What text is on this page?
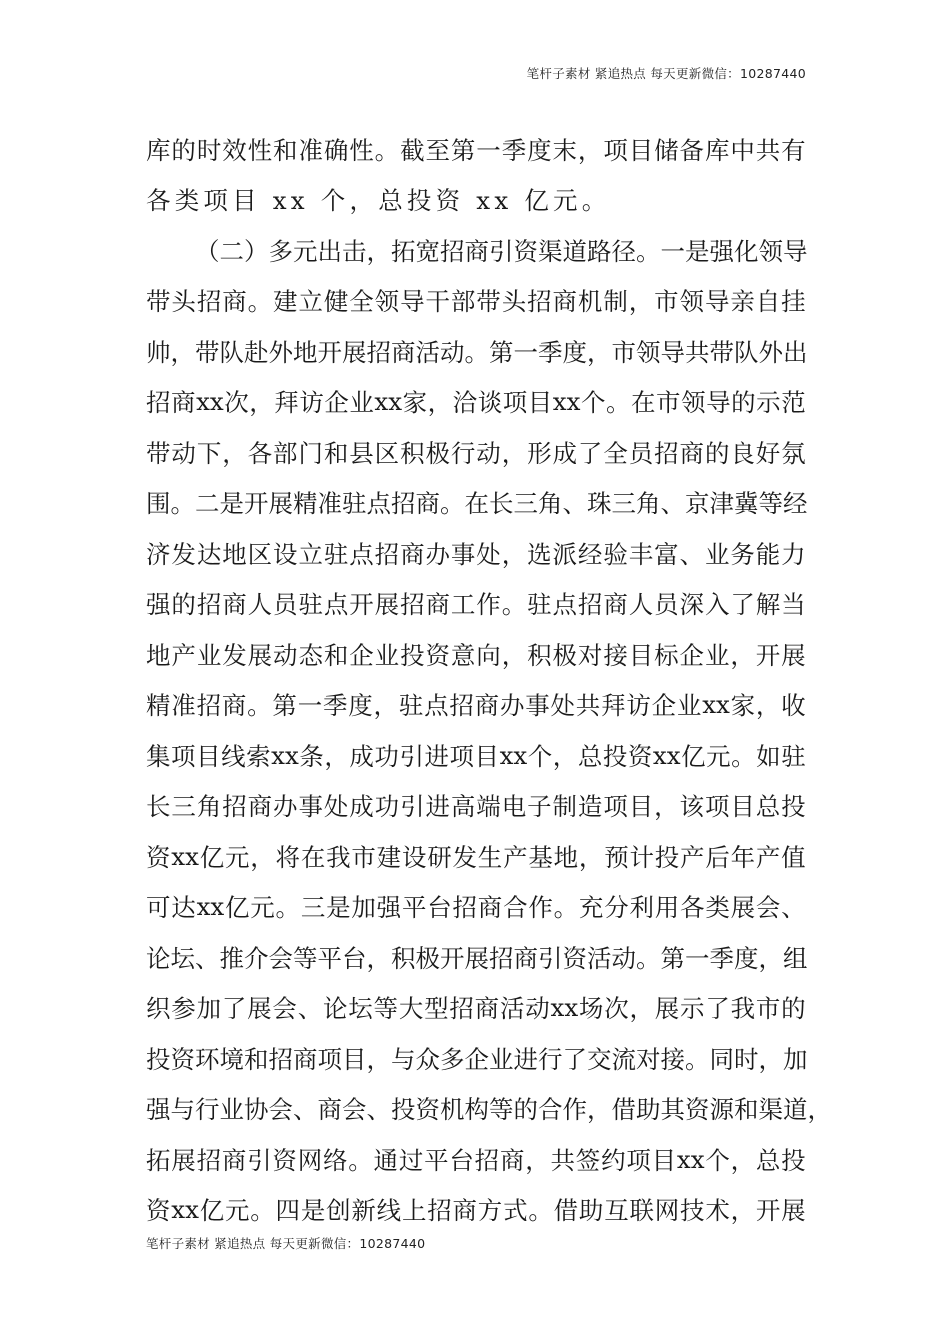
笔杆子素材 紧追热点 每天更新微信：10287440
库 的 时 效 性 和 准 确 性 。 截 至 第 一 季 度 末 ， 项 目 储 备 库 中 共 有
各类项目 xx 个，总投资 xx 亿元。
（ 二 ） 多 元 出 击 ， 拓 宽 招 商 引 资 渠 道 路 径 。 一 是 强 化 领 导
带 头 招 商 。 建 立 健 全 领 导 干 部 带 头 招 商 机 制 ， 市 领 导 亲 自 挂
帅 ， 带 队 赴 外 地 开 展 招 商 活 动 。 第 一 季 度 ， 市 领 导 共 带 队 外 出
招 商 xx 次 ， 拜 访 企 业 xx 家 ， 洽 谈 项 目 xx 个 。 在 市 领 导 的 示 范
带 动 下 ， 各 部 门 和 县 区 积 极 行 动 ， 形 成 了 全 员 招 商 的 良 好 氛
围 。 二 是 开 展 精 准 驻 点 招 商 。 在 长 三 角 、 珠 三 角 、 京 津 冀 等 经
济 发 达 地 区 设 立 驻 点 招 商 办 事 处 ， 选 派 经 验 丰 富 、 业 务 能 力
强 的 招 商 人 员 驻 点 开 展 招 商 工 作 。 驻 点 招 商 人 员 深 入 了 解 当
地 产 业 发 展 动 态 和 企 业 投 资 意 向 ， 积 极 对 接 目 标 企 业 ， 开 展
精 准 招 商 。 第 一 季 度 ， 驻 点 招 商 办 事 处 共 拜 访 企 业 xx 家 ， 收
集 项 目 线 索 xx 条 ， 成 功 引 进 项 目 xx 个 ， 总 投 资 xx 亿 元 。 如 驻
长 三 角 招 商 办 事 处 成 功 引 进 高 端 电 子 制 造 项 目 ， 该 项 目 总 投
资 xx 亿 元 ， 将 在 我 市 建 设 研 发 生 产 基 地 ， 预 计 投 产 后 年 产 值
可 达 xx 亿 元 。 三 是 加 强 平 台 招 商 合 作 。 充 分 利 用 各 类 展 会 、
论 坛 、 推 介 会 等 平 台 ， 积 极 开 展 招 商 引 资 活 动 。 第 一 季 度 ， 组
织 参 加 了 展 会 、 论 坛 等 大 型 招 商 活 动 xx 场 次 ， 展 示 了 我 市 的
投 资 环 境 和 招 商 项 目 ， 与 众 多 企 业 进 行 了 交 流 对 接 。 同 时 ， 加
强 与 行 业 协 会 、 商 会 、 投 资 机 构 等 的 合 作 ， 借 助 其 资 源 和 渠 道 ，
拓 展 招 商 引 资 网 络 。 通 过 平 台 招 商 ， 共 签 约 项 目 xx 个 ， 总 投
资 xx 亿 元 。 四 是 创 新 线 上 招 商 方 式 。 借 助 互 联 网 技 术 ， 开 展
笔杆子素材 紧追热点 每天更新微信：10287440
